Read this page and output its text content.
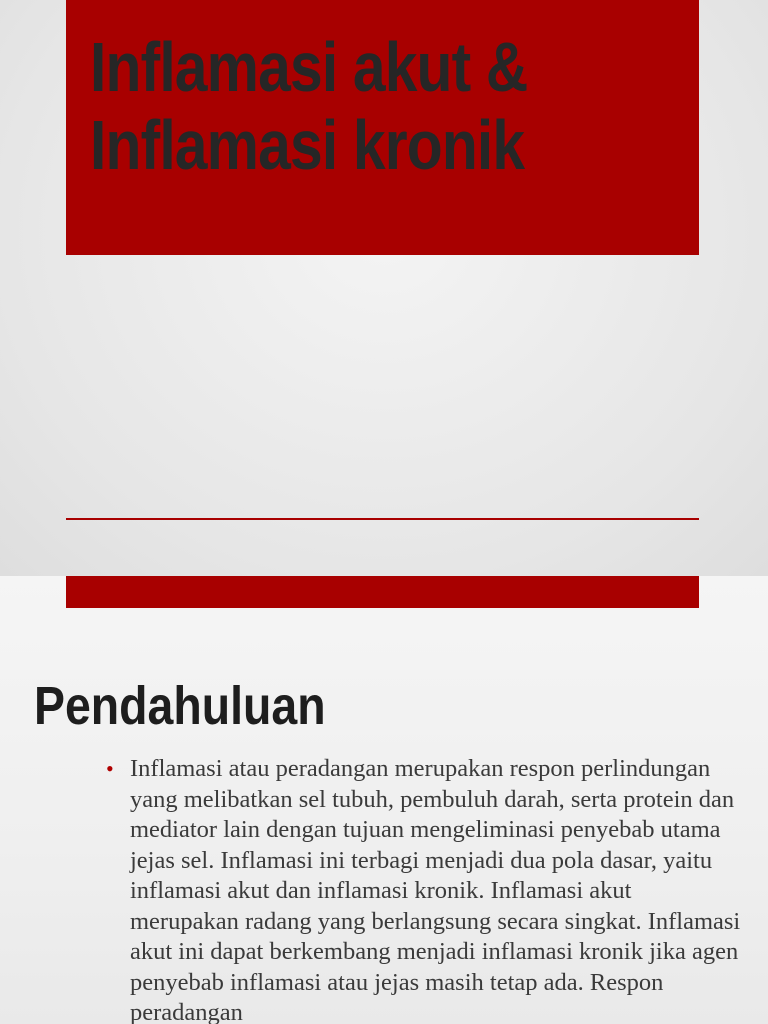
Inflamasi akut &
Inflamasi kronik
Pendahuluan
• Inflamasi atau peradangan merupakan respon perlindungan yang melibatkan sel tubuh, pembuluh darah, serta protein dan mediator lain dengan tujuan mengeliminasi penyebab utama jejas sel. Inflamasi ini terbagi menjadi dua pola dasar, yaitu inflamasi akut dan inflamasi kronik. Inflamasi akut merupakan radang yang berlangsung secara singkat. Inflamasi akut ini dapat berkembang menjadi inflamasi kronik jika agen penyebab inflamasi atau jejas masih tetap ada. Respon peradangan
